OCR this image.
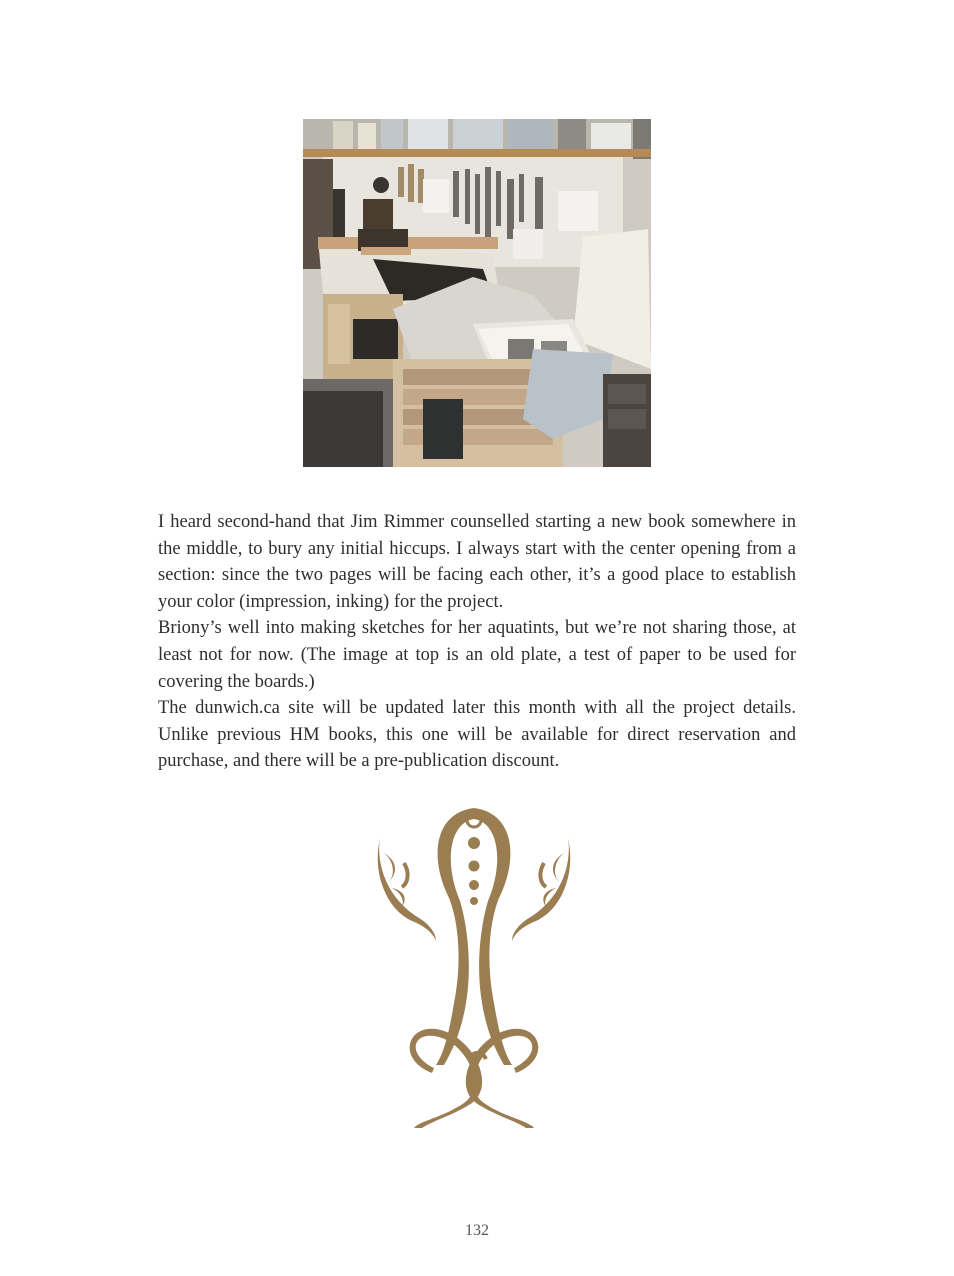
I heard second-hand that Jim Rimmer counselled starting a new book somewhere in the middle, to bury any initial hiccups. I always start with the center opening from a section: since the two pages will be facing each other, it’s a good place to establish your color (impression, inking) for the project.

Briony’s well into making sketches for her aquatints, but we’re not sharing those, at least not for now. (The image at top is an old plate, a test of paper to be used for covering the boards.)

The dunwich.ca site will be updated later this month with all the project details. Unlike previous HM books, this one will be available for direct reservation and purchase, and there will be a pre-publication discount.

132
